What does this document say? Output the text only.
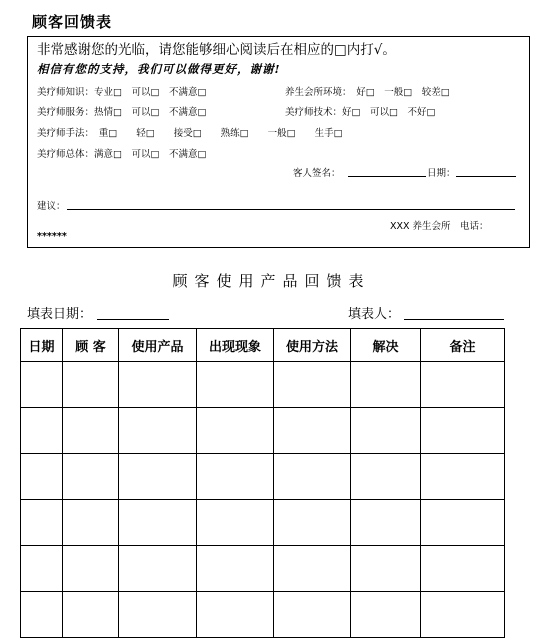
顾客回馈表
非常感谢您的光临，请您能够细心阅读后在相应的□内打√。
相信有您的支持，我们可以做得更好，谢谢!
美疗师知识：专业□　可以□　不满意□	养生会所环境：　好□　一般□　较差□
美疗师服务：热情□　可以□　不满意□	美疗师技术：好□　可以□　不好□
美疗师手法：　重□　　轻□　　接受□　　熟练□　　一般□　　生手□
美疗师总体：满意□　可以□　不满意□
客人签名：	日期：
建议：
XXX 养生会所　电话：
******
顾客使用产品回馈表
填表日期：	填表人：
日期	顾 客	使用产品	出现现象	使用方法	解决	备注
